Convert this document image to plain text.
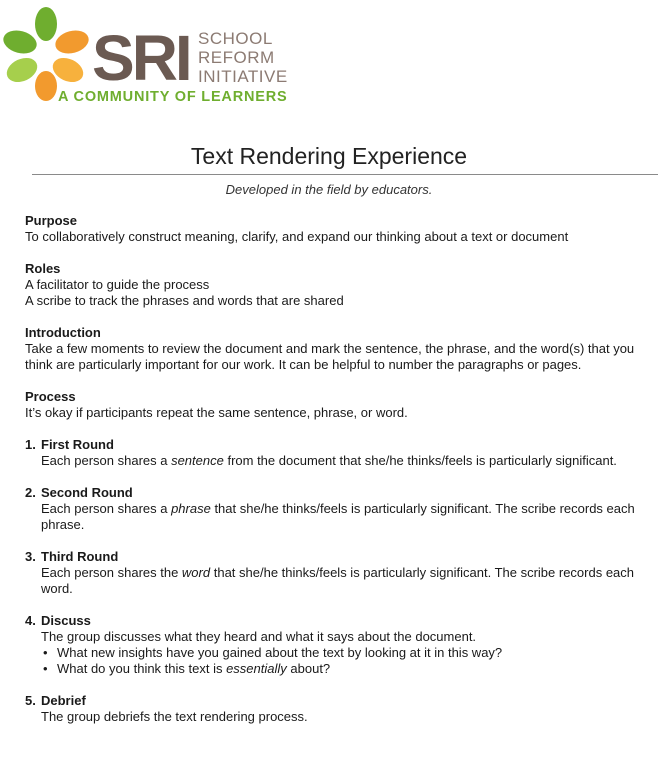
SRI SCHOOL
REFORM
INITIATIVE
A COMMUNITY OF LEARNERS
Text Rendering Experience
Developed in the field by educators.
Purpose
To collaboratively construct meaning, clarify, and expand our thinking about a text or document
Roles
A facilitator to guide the process
A scribe to track the phrases and words that are shared
Introduction
Take a few moments to review the document and mark the sentence, the phrase, and the word(s) that you think are particularly important for our work. It can be helpful to number the paragraphs or pages.
Process
It’s okay if participants repeat the same sentence, phrase, or word.
1. First Round
Each person shares a sentence from the document that she/he thinks/feels is particularly significant.
2. Second Round
Each person shares a phrase that she/he thinks/feels is particularly significant. The scribe records each phrase.
3. Third Round
Each person shares the word that she/he thinks/feels is particularly significant. The scribe records each word.
4. Discuss
The group discusses what they heard and what it says about the document.
• What new insights have you gained about the text by looking at it in this way?
• What do you think this text is essentially about?
5. Debrief
The group debriefs the text rendering process.
